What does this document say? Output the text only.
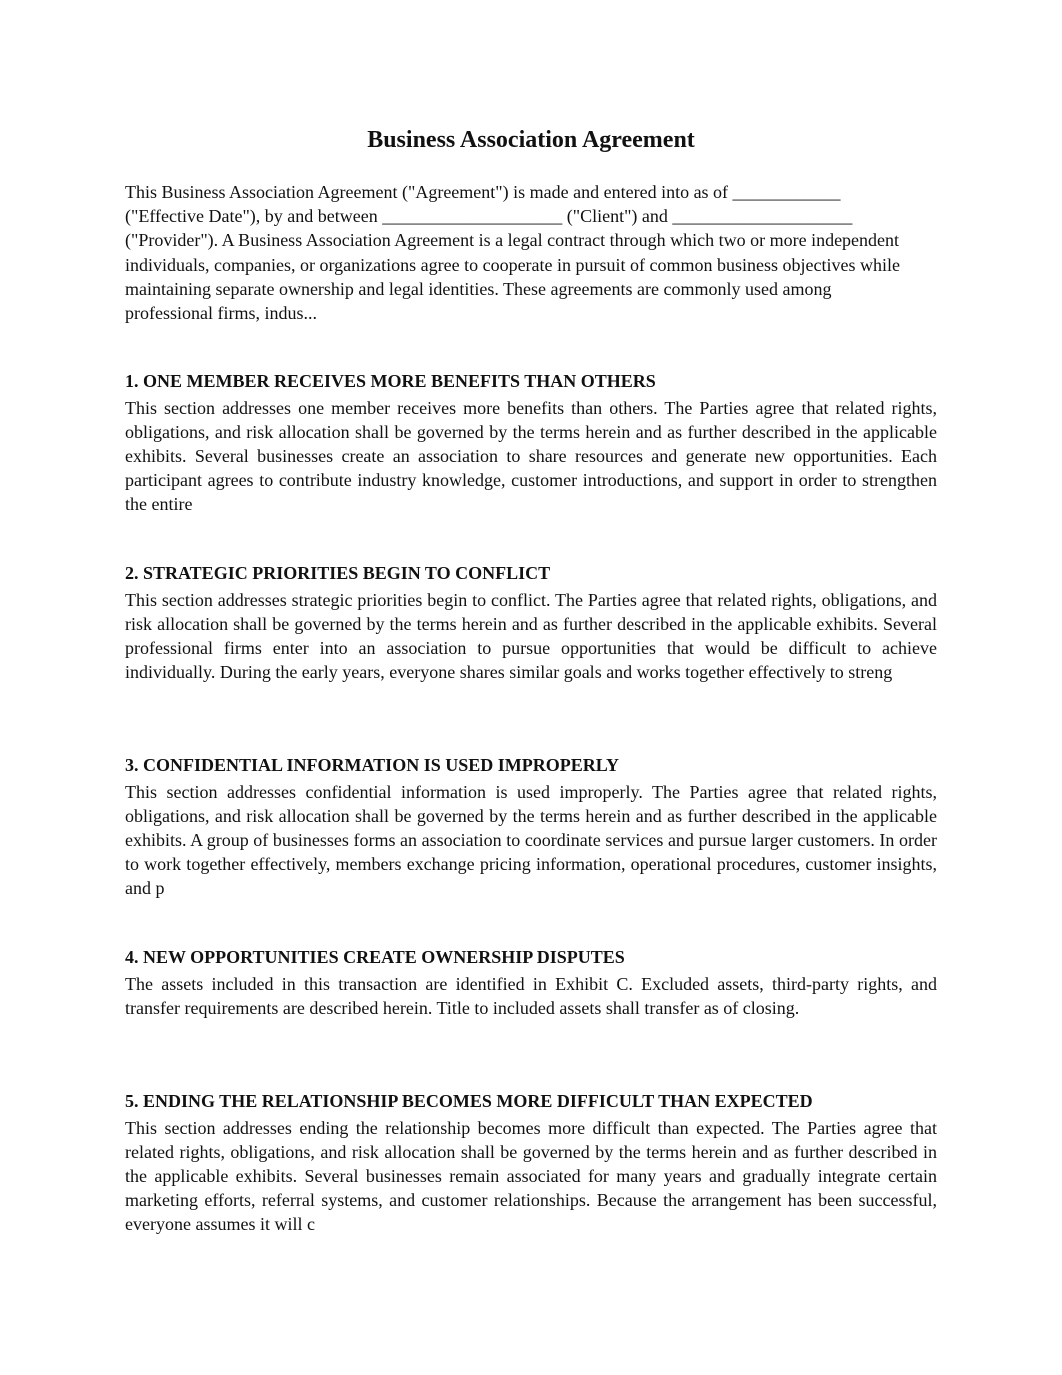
Business Association Agreement

This Business Association Agreement ("Agreement") is made and entered into as of ____________ ("Effective Date"), by and between ____________________ ("Client") and ____________________ ("Provider"). A Business Association Agreement is a legal contract through which two or more independent individuals, companies, or organizations agree to cooperate in pursuit of common business objectives while maintaining separate ownership and legal identities. These agreements are commonly used among professional firms, indus...

1. ONE MEMBER RECEIVES MORE BENEFITS THAN OTHERS

This section addresses one member receives more benefits than others. The Parties agree that related rights, obligations, and risk allocation shall be governed by the terms herein and as further described in the applicable exhibits. Several businesses create an association to share resources and generate new opportunities. Each participant agrees to contribute industry knowledge, customer introductions, and support in order to strengthen the entire

2. STRATEGIC PRIORITIES BEGIN TO CONFLICT

This section addresses strategic priorities begin to conflict. The Parties agree that related rights, obligations, and risk allocation shall be governed by the terms herein and as further described in the applicable exhibits. Several professional firms enter into an association to pursue opportunities that would be difficult to achieve individually. During the early years, everyone shares similar goals and works together effectively to streng

3. CONFIDENTIAL INFORMATION IS USED IMPROPERLY

This section addresses confidential information is used improperly. The Parties agree that related rights, obligations, and risk allocation shall be governed by the terms herein and as further described in the applicable exhibits. A group of businesses forms an association to coordinate services and pursue larger customers. In order to work together effectively, members exchange pricing information, operational procedures, customer insights, and p

4. NEW OPPORTUNITIES CREATE OWNERSHIP DISPUTES

The assets included in this transaction are identified in Exhibit C. Excluded assets, third-party rights, and transfer requirements are described herein. Title to included assets shall transfer as of closing.

5. ENDING THE RELATIONSHIP BECOMES MORE DIFFICULT THAN EXPECTED

This section addresses ending the relationship becomes more difficult than expected. The Parties agree that related rights, obligations, and risk allocation shall be governed by the terms herein and as further described in the applicable exhibits. Several businesses remain associated for many years and gradually integrate certain marketing efforts, referral systems, and customer relationships. Because the arrangement has been successful, everyone assumes it will c
